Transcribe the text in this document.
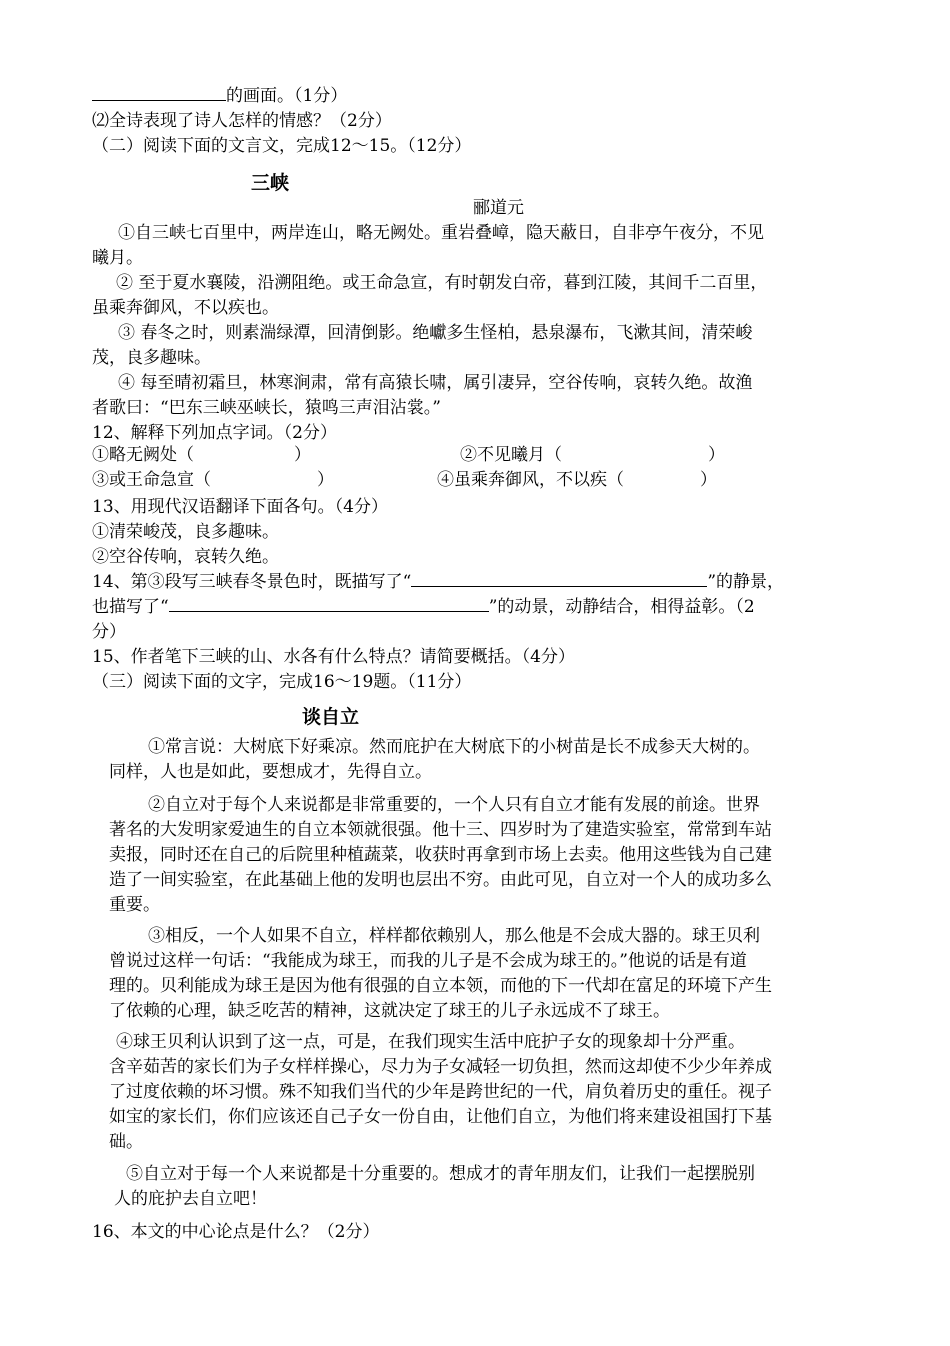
的画面。（1分）
⑵全诗表现了诗人怎样的情感？（2分）
（二）阅读下面的文言文，完成12～15。（12分）
三峡
郦道元
①自三峡七百里中，两岸连山，略无阙处。重岩叠嶂，隐天蔽日，自非亭午夜分，不见
曦月。
② 至于夏水襄陵，沿溯阻绝。或王命急宣，有时朝发白帝，暮到江陵，其间千二百里，
虽乘奔御风，不以疾也。
③ 春冬之时，则素湍绿潭，回清倒影。绝巘多生怪柏，悬泉瀑布，飞漱其间，清荣峻
茂，良多趣味。
④ 每至晴初霜旦，林寒涧肃，常有高猿长啸，属引凄异，空谷传响，哀转久绝。故渔
者歌曰：“巴东三峡巫峡长，猿鸣三声泪沾裳。”
12、解释下列加点字词。（2分）
①略无阙处（	）	②不见曦月（	）
③或王命急宣（	）	④虽乘奔御风，不以疾（	）
13、用现代汉语翻译下面各句。（4分）
①清荣峻茂，良多趣味。
②空谷传响，哀转久绝。
14、第③段写三峡春冬景色时，既描写了“	”的静景，
也描写了“	”的动景，动静结合，相得益彰。（2
分）
15、作者笔下三峡的山、水各有什么特点？请简要概括。（4分）
（三）阅读下面的文字，完成16～19题。（11分）
谈自立
①常言说：大树底下好乘凉。然而庇护在大树底下的小树苗是长不成参天大树的。
同样，人也是如此，要想成才，先得自立。
②自立对于每个人来说都是非常重要的，一个人只有自立才能有发展的前途。世界
著名的大发明家爱迪生的自立本领就很强。他十三、四岁时为了建造实验室，常常到车站
卖报，同时还在自己的后院里种植蔬菜，收获时再拿到市场上去卖。他用这些钱为自己建
造了一间实验室，在此基础上他的发明也层出不穷。由此可见，自立对一个人的成功多么
重要。
③相反，一个人如果不自立，样样都依赖别人，那么他是不会成大器的。球王贝利
曾说过这样一句话：“我能成为球王，而我的儿子是不会成为球王的。”他说的话是有道
理的。贝利能成为球王是因为他有很强的自立本领，而他的下一代却在富足的环境下产生
了依赖的心理，缺乏吃苦的精神，这就决定了球王的儿子永远成不了球王。
④球王贝利认识到了这一点，可是，在我们现实生活中庇护子女的现象却十分严重。
含辛茹苦的家长们为子女样样操心，尽力为子女减轻一切负担，然而这却使不少少年养成
了过度依赖的坏习惯。殊不知我们当代的少年是跨世纪的一代，肩负着历史的重任。视子
如宝的家长们，你们应该还自己子女一份自由，让他们自立，为他们将来建设祖国打下基
础。
⑤自立对于每一个人来说都是十分重要的。想成才的青年朋友们，让我们一起摆脱别
人的庇护去自立吧！
16、本文的中心论点是什么？（2分）
